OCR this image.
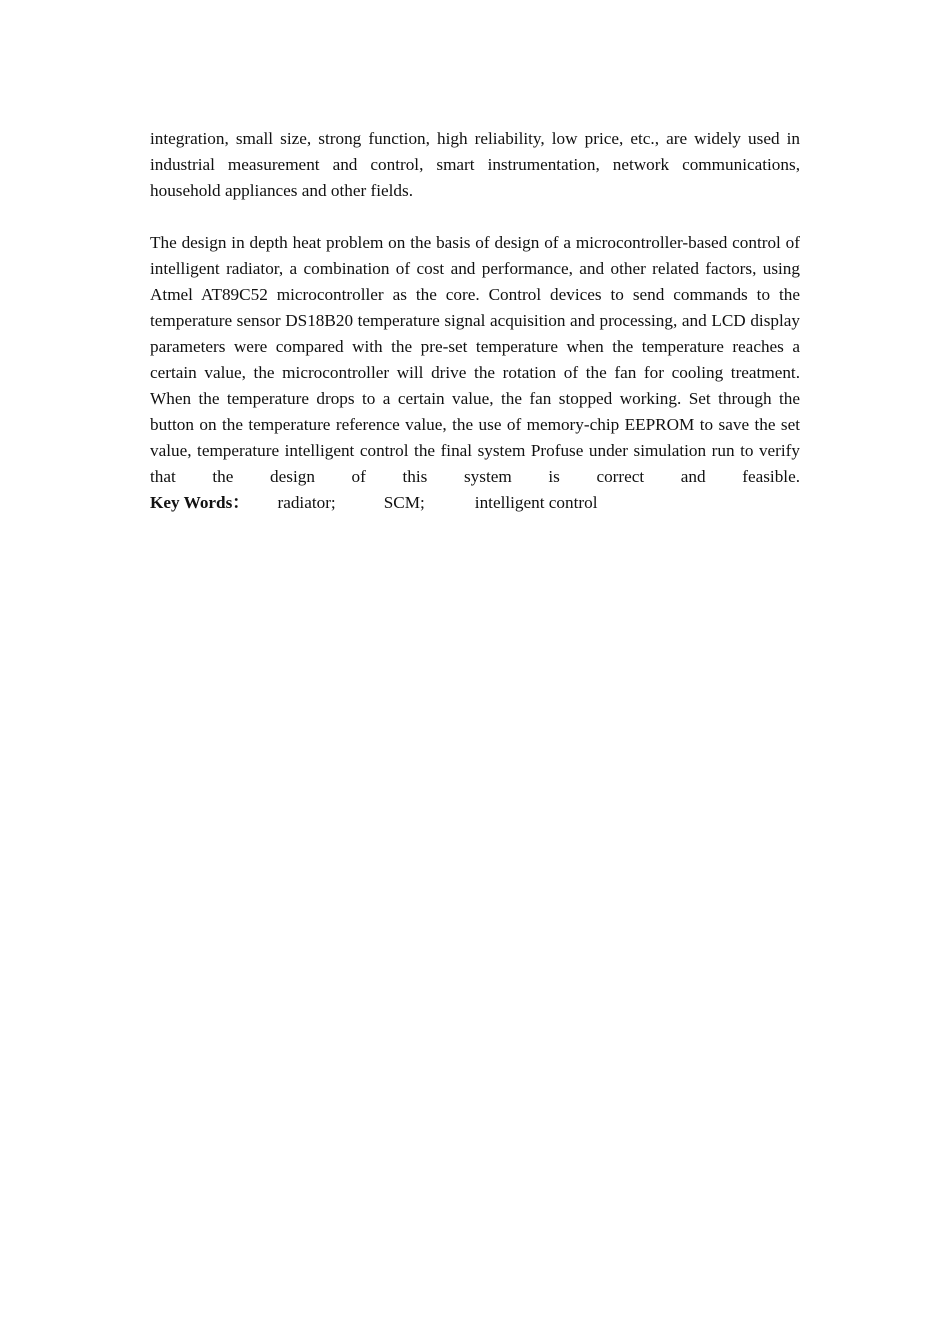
integration, small size, strong function, high reliability, low price, etc., are widely used in industrial measurement and control, smart instrumentation, network communications, household appliances and other fields.

The design in depth heat problem on the basis of design of a microcontroller-based control of intelligent radiator, a combination of cost and performance, and other related factors, using Atmel AT89C52 microcontroller as the core. Control devices to send commands to the temperature sensor DS18B20 temperature signal acquisition and processing, and LCD display parameters were compared with the pre-set temperature when the temperature reaches a certain value, the microcontroller will drive the rotation of the fan for cooling treatment. When the temperature drops to a certain value, the fan stopped working. Set through the button on the temperature reference value, the use of memory-chip EEPROM to save the set value, temperature intelligent control the final system Profuse under simulation run to verify that the design of this system is correct and feasible.

Key Words： radiator;	SCM;	intelligent control
